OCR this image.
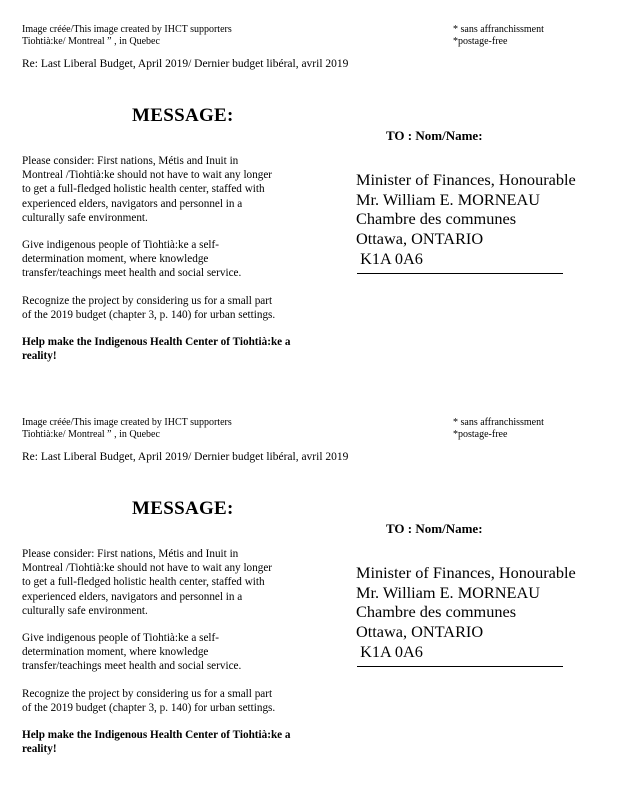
Image créée/This image created by IHCT supporters
Tiohtià:ke/ Montreal ” , in Quebec
* sans affranchissment
*postage-free
Re: Last Liberal Budget, April 2019/ Dernier budget libéral, avril 2019
MESSAGE:
TO : Nom/Name:

Please consider: First nations, Métis and Inuit in
Montreal /Tiohtià:ke should not have to wait any longer
to get a full-fledged holistic health center, staffed with
experienced elders, navigators and personnel in a
culturally safe environment.

Give indigenous people of Tiohtià:ke a self-
determination moment, where knowledge
transfer/teachings meet health and social service.

Recognize the project by considering us for a small part
of the 2019 budget (chapter 3, p. 140) for urban settings.

Help make the Indigenous Health Center of Tiohtià:ke a reality!

Minister of Finances, Honourable
Mr. William E. MORNEAU
Chambre des communes
Ottawa, ONTARIO
K1A 0A6
Image créée/This image created by IHCT supporters
Tiohtià:ke/ Montreal ” , in Quebec
* sans affranchissment
*postage-free
Re: Last Liberal Budget, April 2019/ Dernier budget libéral, avril 2019
MESSAGE:
TO : Nom/Name:

Please consider: First nations, Métis and Inuit in
Montreal /Tiohtià:ke should not have to wait any longer
to get a full-fledged holistic health center, staffed with
experienced elders, navigators and personnel in a
culturally safe environment.

Give indigenous people of Tiohtià:ke a self-
determination moment, where knowledge
transfer/teachings meet health and social service.

Recognize the project by considering us for a small part
of the 2019 budget (chapter 3, p. 140) for urban settings.

Help make the Indigenous Health Center of Tiohtià:ke a reality!

Minister of Finances, Honourable
Mr. William E. MORNEAU
Chambre des communes
Ottawa, ONTARIO
K1A 0A6
